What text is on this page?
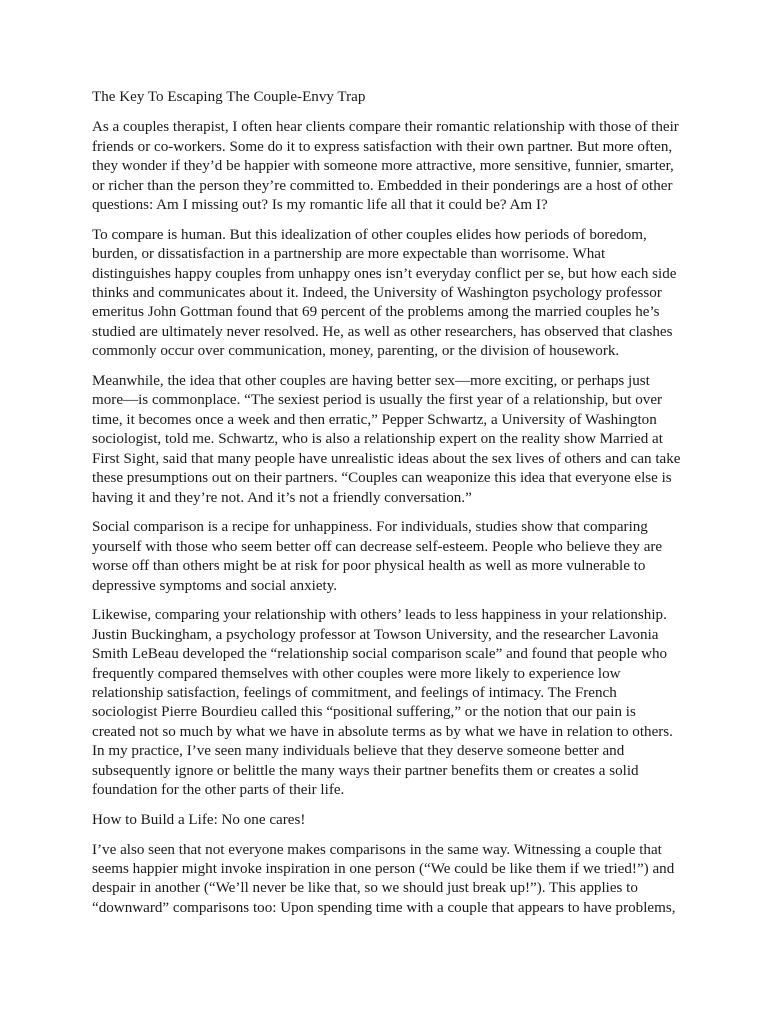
The Key To Escaping The Couple-Envy Trap

As a couples therapist, I often hear clients compare their romantic relationship with those of their
friends or co-workers. Some do it to express satisfaction with their own partner. But more often,
they wonder if they’d be happier with someone more attractive, more sensitive, funnier, smarter,
or richer than the person they’re committed to. Embedded in their ponderings are a host of other
questions: Am I missing out? Is my romantic life all that it could be? Am I?

To compare is human. But this idealization of other couples elides how periods of boredom,
burden, or dissatisfaction in a partnership are more expectable than worrisome. What
distinguishes happy couples from unhappy ones isn’t everyday conflict per se, but how each side
thinks and communicates about it. Indeed, the University of Washington psychology professor
emeritus John Gottman found that 69 percent of the problems among the married couples he’s
studied are ultimately never resolved. He, as well as other researchers, has observed that clashes
commonly occur over communication, money, parenting, or the division of housework.

Meanwhile, the idea that other couples are having better sex—more exciting, or perhaps just
more—is commonplace. “The sexiest period is usually the first year of a relationship, but over
time, it becomes once a week and then erratic,” Pepper Schwartz, a University of Washington
sociologist, told me. Schwartz, who is also a relationship expert on the reality show Married at
First Sight, said that many people have unrealistic ideas about the sex lives of others and can take
these presumptions out on their partners. “Couples can weaponize this idea that everyone else is
having it and they’re not. And it’s not a friendly conversation.”

Social comparison is a recipe for unhappiness. For individuals, studies show that comparing
yourself with those who seem better off can decrease self-esteem. People who believe they are
worse off than others might be at risk for poor physical health as well as more vulnerable to
depressive symptoms and social anxiety.

Likewise, comparing your relationship with others’ leads to less happiness in your relationship.
Justin Buckingham, a psychology professor at Towson University, and the researcher Lavonia
Smith LeBeau developed the “relationship social comparison scale” and found that people who
frequently compared themselves with other couples were more likely to experience low
relationship satisfaction, feelings of commitment, and feelings of intimacy. The French
sociologist Pierre Bourdieu called this “positional suffering,” or the notion that our pain is
created not so much by what we have in absolute terms as by what we have in relation to others.
In my practice, I’ve seen many individuals believe that they deserve someone better and
subsequently ignore or belittle the many ways their partner benefits them or creates a solid
foundation for the other parts of their life.

How to Build a Life: No one cares!

I’ve also seen that not everyone makes comparisons in the same way. Witnessing a couple that
seems happier might invoke inspiration in one person (“We could be like them if we tried!”) and
despair in another (“We’ll never be like that, so we should just break up!”). This applies to
“downward” comparisons too: Upon spending time with a couple that appears to have problems,
